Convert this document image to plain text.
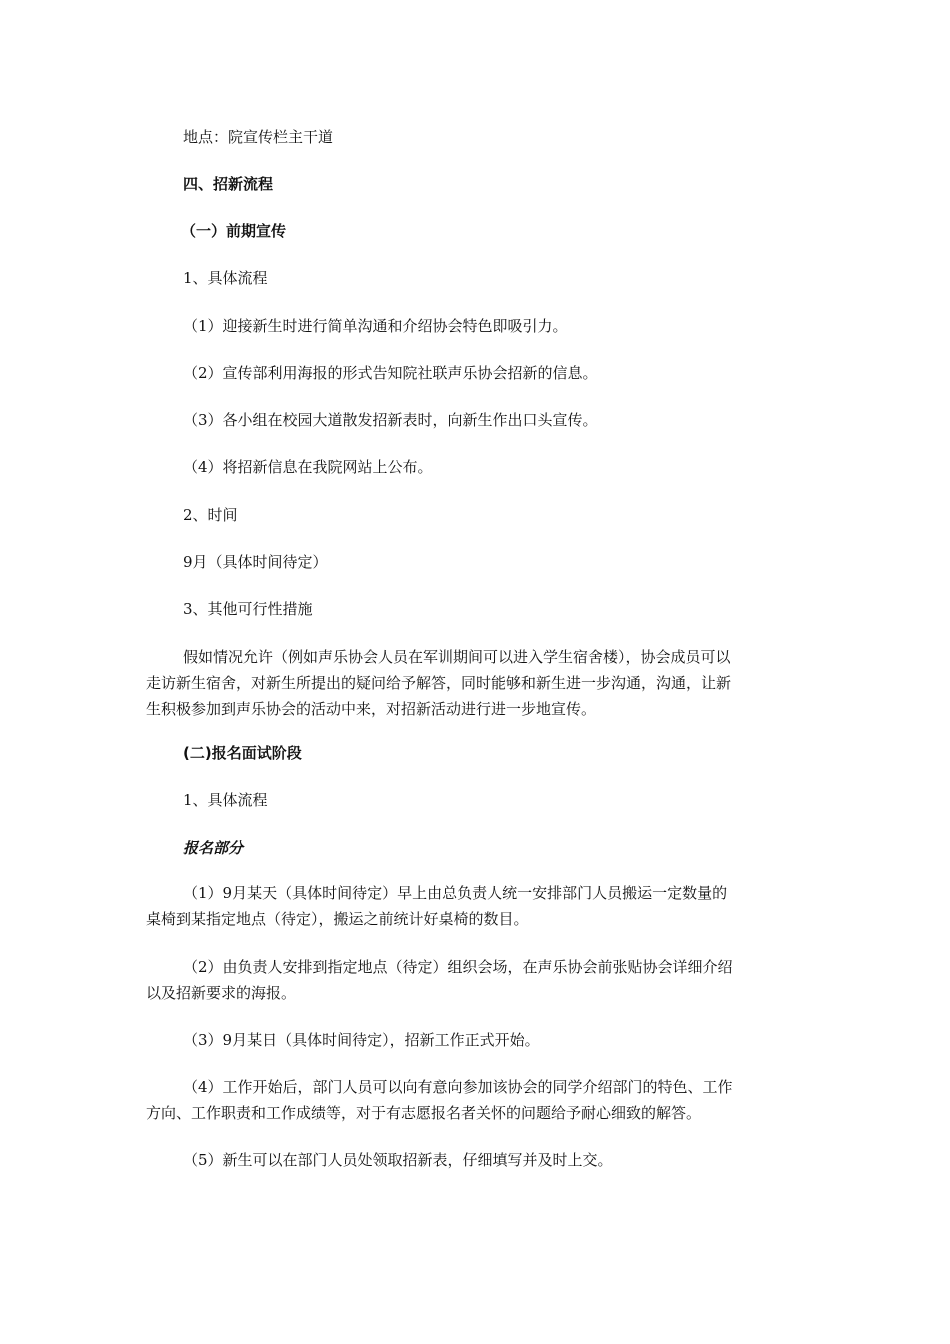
地点：院宣传栏主干道

四、招新流程

（一）前期宣传

1、具体流程

（1）迎接新生时进行简单沟通和介绍协会特色即吸引力。

（2）宣传部利用海报的形式告知院社联声乐协会招新的信息。

（3）各小组在校园大道散发招新表时，向新生作出口头宣传。

（4）将招新信息在我院网站上公布。

2、时间

9月（具体时间待定）

3、其他可行性措施

假如情况允许（例如声乐协会人员在军训期间可以进入学生宿舍楼），协会成员可以
走访新生宿舍，对新生所提出的疑问给予解答，同时能够和新生进一步沟通，沟通，让新
生积极参加到声乐协会的活动中来，对招新活动进行进一步地宣传。

(二)报名面试阶段

1、具体流程

报名部分

（1）9月某天（具体时间待定）早上由总负责人统一安排部门人员搬运一定数量的
桌椅到某指定地点（待定），搬运之前统计好桌椅的数目。
（2）由负责人安排到指定地点（待定）组织会场，在声乐协会前张贴协会详细介绍
以及招新要求的海报。
（3）9月某日（具体时间待定），招新工作正式开始。
（4）工作开始后，部门人员可以向有意向参加该协会的同学介绍部门的特色、工作
方向、工作职责和工作成绩等，对于有志愿报名者关怀的问题给予耐心细致的解答。
（5）新生可以在部门人员处领取招新表，仔细填写并及时上交。
